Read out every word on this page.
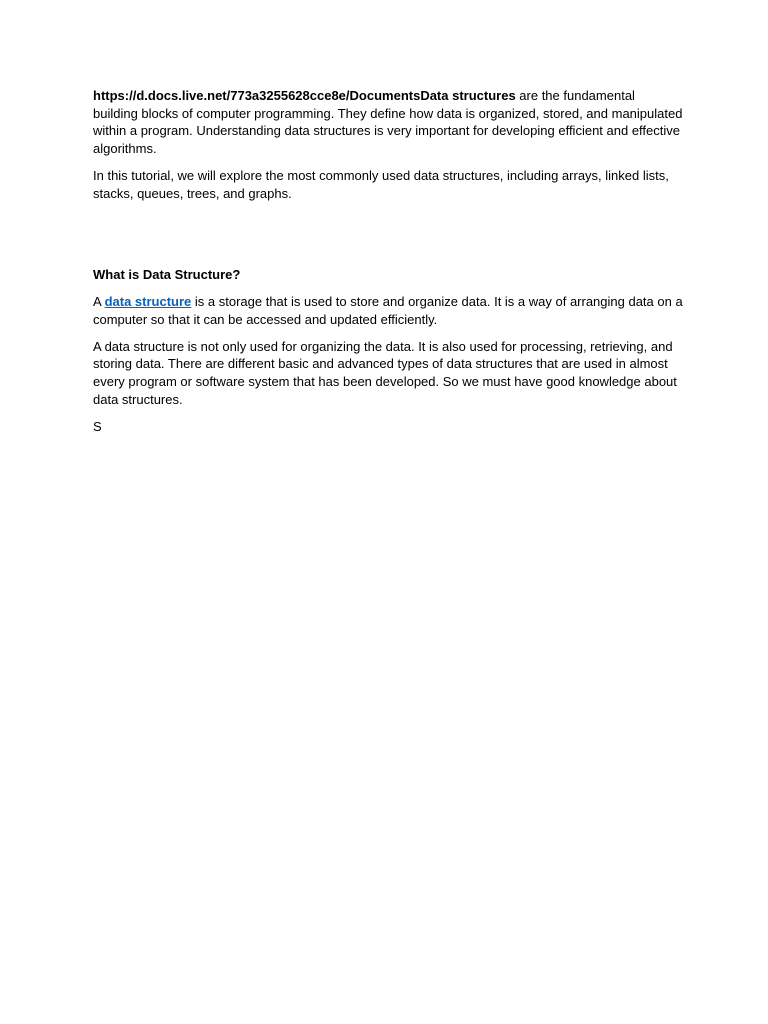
https://d.docs.live.net/773a3255628cce8e/DocumentsData structures are the fundamental building blocks of computer programming. They define how data is organized, stored, and manipulated within a program. Understanding data structures is very important for developing efficient and effective algorithms.

In this tutorial, we will explore the most commonly used data structures, including arrays, linked lists, stacks, queues, trees, and graphs.

What is Data Structure?

A data structure is a storage that is used to store and organize data. It is a way of arranging data on a computer so that it can be accessed and updated efficiently.

A data structure is not only used for organizing the data. It is also used for processing, retrieving, and storing data. There are different basic and advanced types of data structures that are used in almost every program or software system that has been developed. So we must have good knowledge about data structures.

S
